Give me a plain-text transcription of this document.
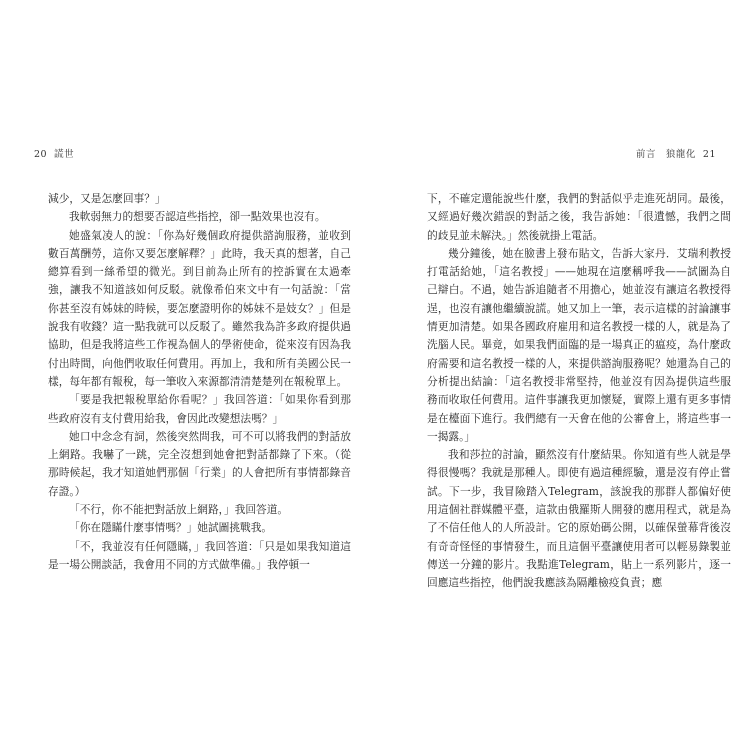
20 謊世

減少，又是怎麼回事？」

我軟弱無力的想要否認這些指控，卻一點效果也沒有。

她盛氣凌人的說：「你為好幾個政府提供諮詢服務，並收到數百萬酬勞，這你又要怎麼解釋？」此時，我天真的想著，自己總算看到一絲希望的微光。到目前為止所有的控訴實在太過牽強，讓我不知道該如何反駁。就像希伯來文中有一句話說：「當你甚至沒有姊妹的時候，要怎麼證明你的姊妹不是妓女？」但是說我有收錢？這一點我就可以反駁了。雖然我為許多政府提供過協助，但是我將這些工作視為個人的學術使命，從來沒有因為我付出時間，向他們收取任何費用。再加上，我和所有美國公民一樣，每年都有報稅，每一筆收入來源都清清楚楚列在報稅單上。

「要是我把報稅單給你看呢？」我回答道：「如果你看到那些政府沒有支付費用給我，會因此改變想法嗎？」

她口中念念有詞，然後突然問我，可不可以將我們的對話放上網路。我嚇了一跳，完全沒想到她會把對話都錄了下來。（從那時候起，我才知道她們那個「行業」的人會把所有事情都錄音存證。）

「不行，你不能把對話放上網路，」我回答道。

「你在隱瞞什麼事情嗎？」她試圖挑戰我。

「不，我並沒有任何隱瞞，」我回答道：「只是如果我知道這是一場公開談話，我會用不同的方式做準備。」我停頓一

前言　狼龍化 21

下，不確定還能說些什麼，我們的對話似乎走進死胡同。最後，又經過好幾次錯誤的對話之後，我告訴她：「很遺憾，我們之間的歧見並未解決。」然後就掛上電話。

幾分鐘後，她在臉書上發布貼文，告訴大家丹．艾瑞利教授打電話給她，「這名教授」——她現在這麼稱呼我——試圖為自己辯白。不過，她告訴追隨者不用擔心，她並沒有讓這名教授得逞，也沒有讓他繼續說謊。她又加上一筆，表示這樣的討論讓事情更加清楚。如果各國政府雇用和這名教授一樣的人，就是為了洗腦人民。畢竟，如果我們面臨的是一場真正的瘟疫，為什麼政府需要和這名教授一樣的人，來提供諮詢服務呢？她還為自己的分析提出結論：「這名教授非常堅持，他並沒有因為提供這些服務而收取任何費用。這件事讓我更加懷疑，實際上還有更多事情是在檯面下進行。我們總有一天會在他的公審會上，將這些事一一揭露。」

我和莎拉的討論，顯然沒有什麼結果。你知道有些人就是學得很慢嗎？我就是那種人。即使有過這種經驗，還是沒有停止嘗試。下一步，我冒險踏入Telegram，該說我的那群人都偏好使用這個社群媒體平臺，這款由俄羅斯人開發的應用程式，就是為了不信任他人的人所設計。它的原始碼公開，以確保螢幕背後沒有奇奇怪怪的事情發生，而且這個平臺讓使用者可以輕易錄製並傳送一分鐘的影片。我點進Telegram，貼上一系列影片，逐一回應這些指控，他們說我應該為隔離檢疫負責；應
